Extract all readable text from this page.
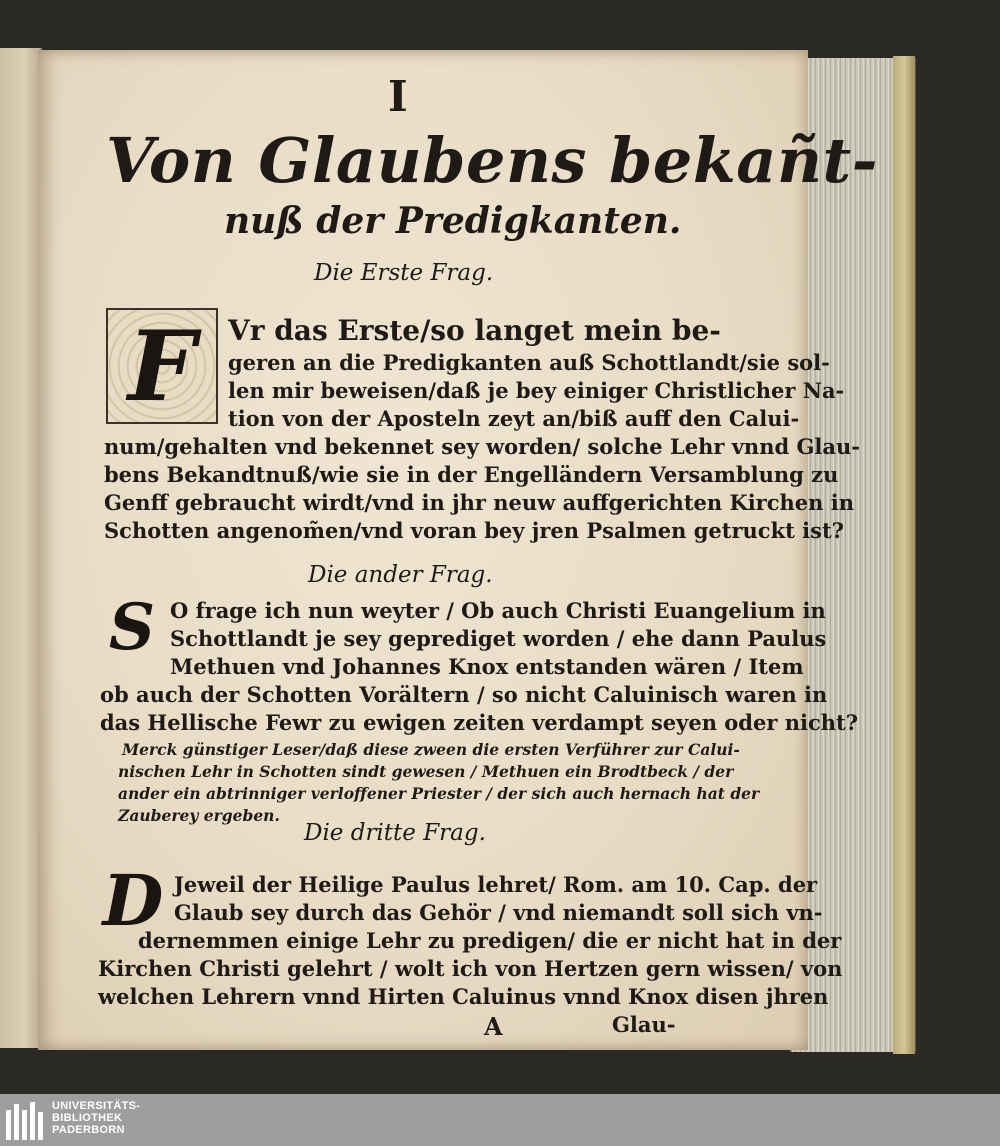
I
Von Glaubens bekañt-
nuß der Predigkanten.
Die Erste Frag.
F	Vr das Erste/so langet mein be-
geren an die Predigkanten auß Schottlandt/sie sol-
len mir beweisen/daß je bey einiger Christlicher Na-
tion von der Aposteln zeyt an/biß auff den Calui-
num/gehalten vnd bekennet sey worden/ solche Lehr vnnd Glau-
bens Bekandtnuß/wie sie in der Engelländern Versamblung zu
Genff gebraucht wirdt/vnd in jhr neuw auffgerichten Kirchen in
Schotten angenom̃en/vnd voran bey jren Psalmen getruckt ist?
Die ander Frag.
S O frage ich nun weyter / Ob auch Christi Euangelium in
Schottlandt je sey geprediget worden / ehe dann Paulus
Methuen vnd Johannes Knox entstanden wären / Item
ob auch der Schotten Vorältern / so nicht Caluinisch waren in
das Hellische Fewr zu ewigen zeiten verdampt seyen oder nicht?
Merck günstiger Leser/daß diese zween die ersten Verführer zur Calui-
nischen Lehr in Schotten sindt gewesen / Methuen ein Brodtbeck / der
ander ein abtrinniger verloffener Priester / der sich auch hernach hat der
Zauberey ergeben.
Die dritte Frag.
D Jeweil der Heilige Paulus lehret/ Rom. am 10. Cap. der
Glaub sey durch das Gehör / vnd niemandt soll sich vn-
dernemmen einige Lehr zu predigen/ die er nicht hat in der
Kirchen Christi gelehrt / wolt ich von Hertzen gern wissen/ von
welchen Lehrern vnnd Hirten Caluinus vnnd Knox disen jhren
A	Glau-
UNIVERSITÄTS-
BIBLIOTHEK
PADERBORN
